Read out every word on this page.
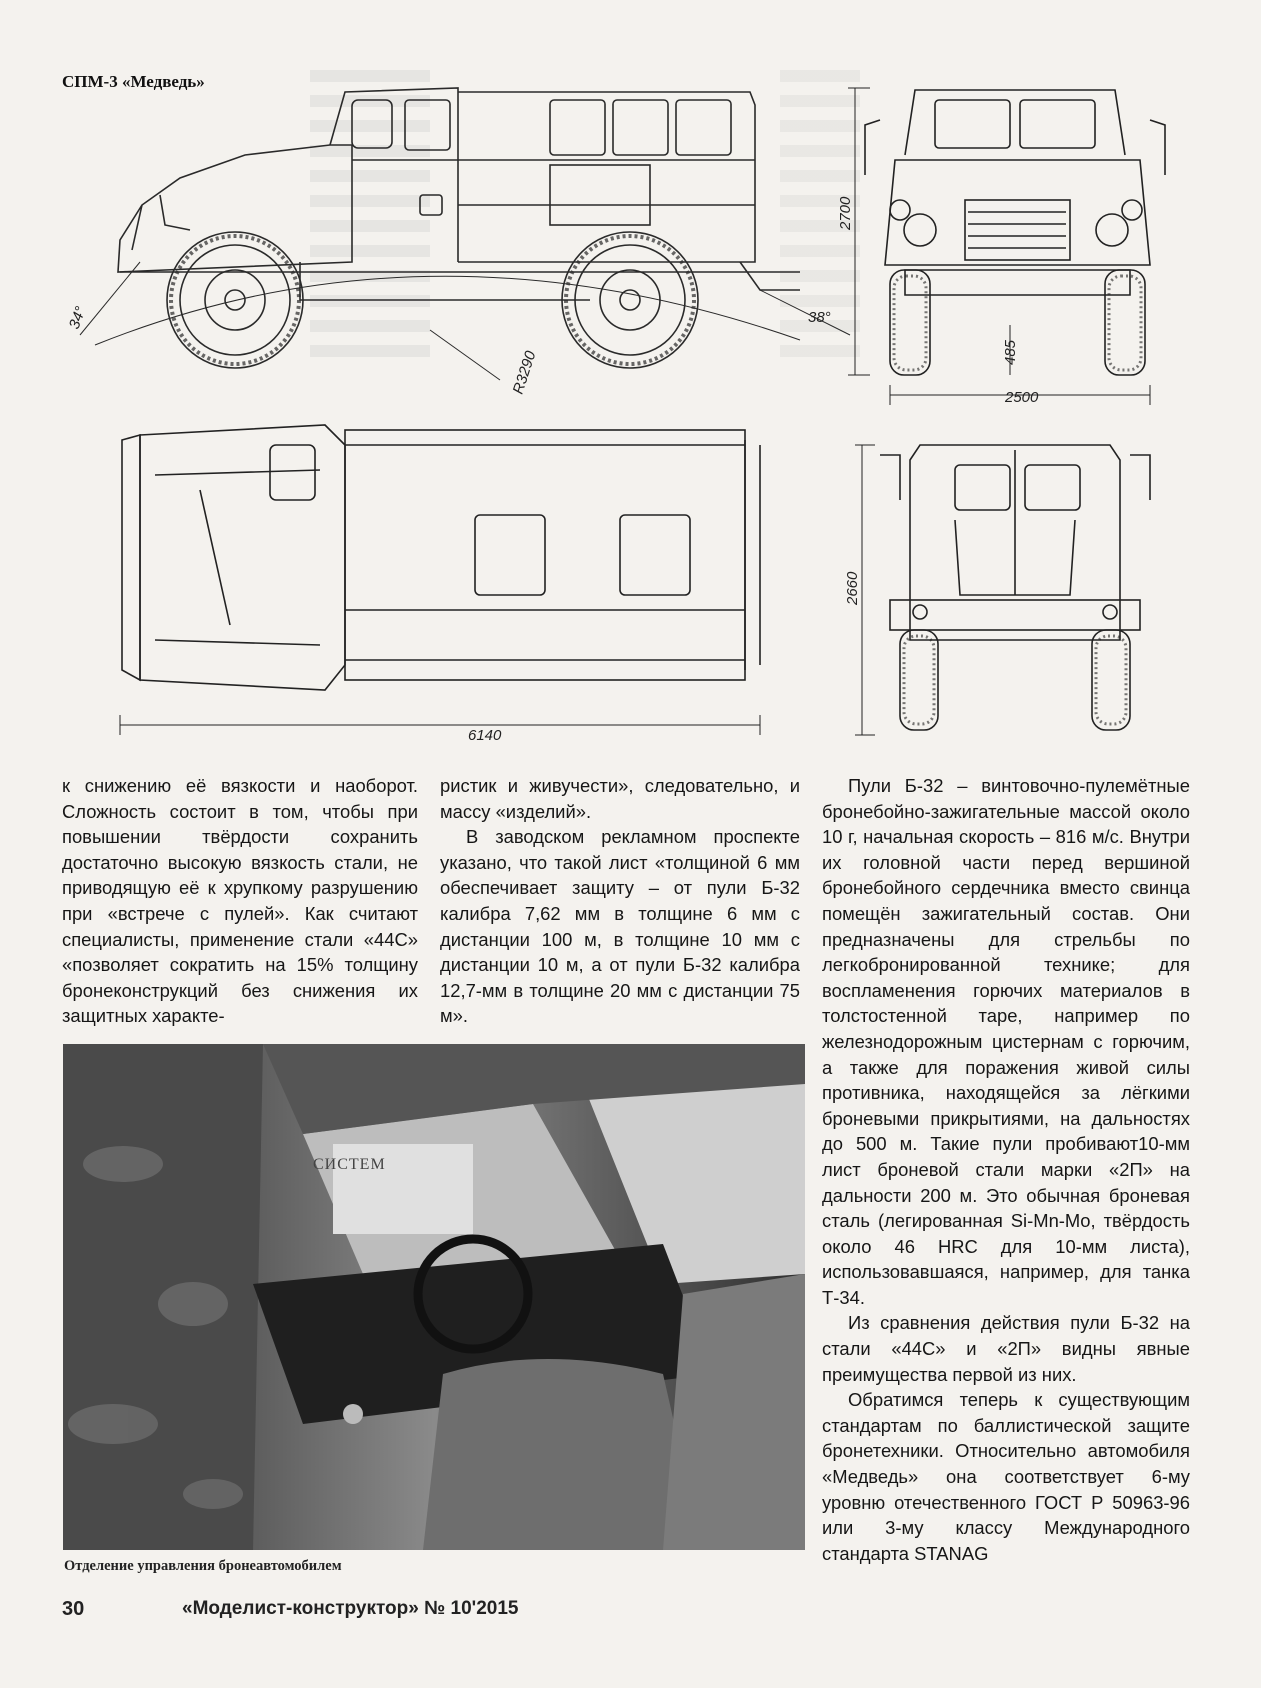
СПМ-3 «Медведь»
34°	38°
R3290
2700
485
2500
6140
2660

к снижению её вязкости и наоборот. Сложность состоит в том, чтобы при повышении твёрдости сохранить достаточно высокую вязкость стали, не приводящую её к хрупкому разрушению при «встрече с пулей». Как считают специалисты, применение стали «44С» «позволяет сократить на 15% толщину бронеконструкций без снижения их защитных характе-

ристик и живучести», следовательно, и массу «изделий».

В заводском рекламном проспекте указано, что такой лист «толщиной 6 мм обеспечивает защиту – от пули Б-32 калибра 7,62 мм в толщине 6 мм с дистанции 100 м, в толщине 10 мм с дистанции 10 м, а от пули Б-32 калибра 12,7-мм в толщине 20 мм с дистанции 75 м».

Пули Б-32 – винтовочно-пулемётные бронебойно-зажигательные массой около 10 г, начальная скорость – 816 м/с. Внутри их головной части перед вершиной бронебойного сердечника вместо свинца помещён зажигательный состав. Они предназначены для стрельбы по легкобронированной технике; для воспламенения горючих материалов в толстостенной таре, например по железнодорожным цистернам с горючим, а также для поражения живой силы противника, находящейся за лёгкими броневыми прикрытиями, на дальностях до 500 м. Такие пули пробивают10-мм лист броневой стали марки «2П» на дальности 200 м. Это обычная броневая сталь (легированная Si-Mn-Mo, твёрдость около 46 HRC для 10-мм листа), использовавшаяся, например, для танка Т-34.

Из сравнения действия пули Б-32 на стали «44С» и «2П» видны явные преимущества первой из них.

Обратимся теперь к существующим стандартам по баллистической защите бронетехники. Относительно автомобиля «Медведь» она соответствует 6-му уровню отечественного ГОСТ Р 50963-96 или 3-му классу Международного стандарта STANAG

СИСТЕМ
Отделение управления бронеавтомобилем
30	«Моделист-конструктор» № 10'2015
